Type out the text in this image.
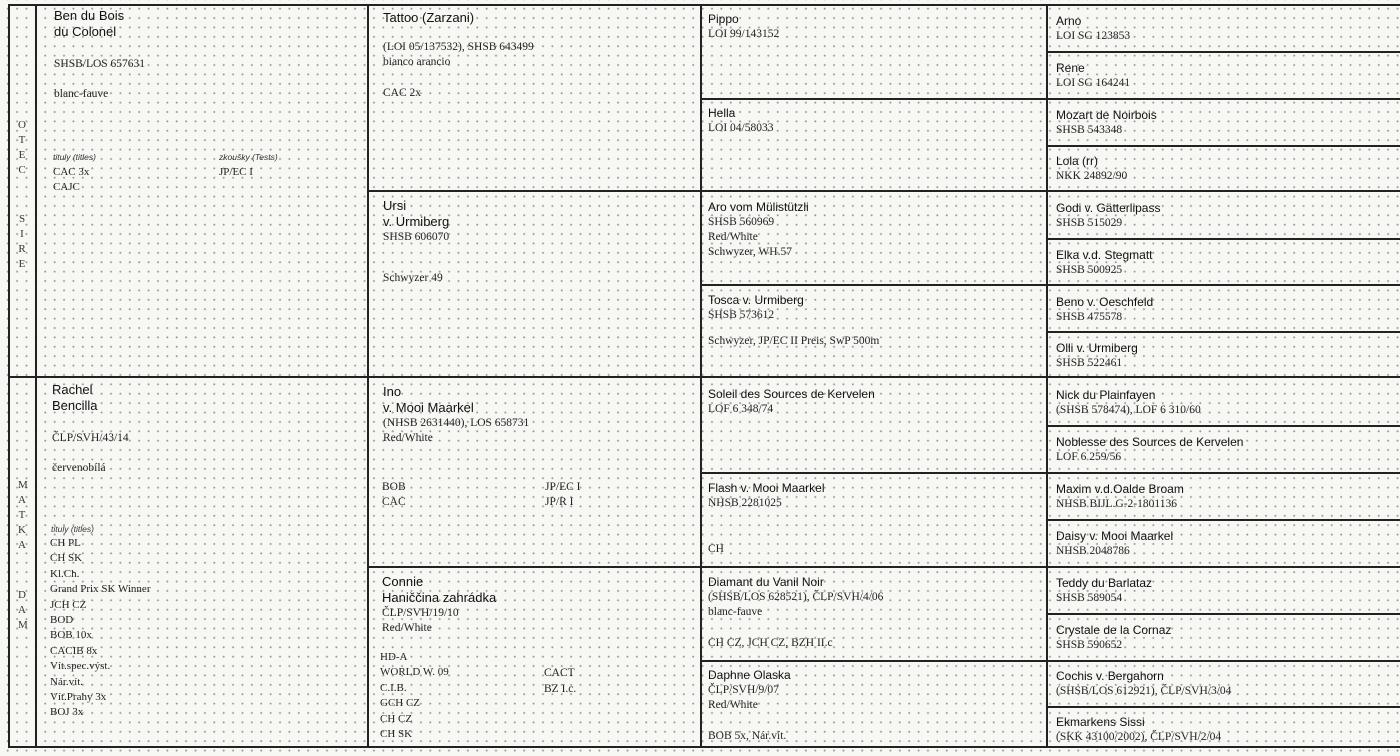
OTEC
SIRE
MATKA
DAM
Ben du Bois
du Colonel
SHSB/LOS 657631
blanc-fauve
tituly (titles)	zkoušky (Tests)
CAC 3x
CAJC
JP/EC I
Rachel
Bencilla
ČLP/SVH/43/14
červenobílá
tituly (titles)
CH PL
CH SK
Kl.Ch.
Grand Prix SK Winner
JCH CZ
BOD
BOB 10x
CACIB 8x
Vít.spec.výst.
Nár.vít.
Vít.Prahy 3x
BOJ 3x
Tattoo (Zarzani)
(LOI 05/137532), SHSB 643499
bianco arancio
CAC 2x
Ursi
v. Urmiberg
SHSB 606070
Schwyzer 49
Ino
v. Mooi Maarkel
(NHSB 2631440), LOS 658731
Red/White
BOB
CAC
JP/EC I
JP/R I
Connie
Haniččina zahrádka
ČLP/SVH/19/10
Red/White
HD-A
WORLD W. 09
C.I.B.
GCH CZ
CH CZ
CH SK
CACT
BZ I.c.
Pippo
LOI 99/143152
Hella
LOI 04/58033
Aro vom Mülistützli
SHSB 560969
Red/White
Schwyzer, WH.57
Tosca v. Urmiberg
SHSB 573612
Schwyzer, JP/EC II Preis, SwP 500m
Soleil des Sources de Kervelen
LOF 6 348/74
Flash v. Mooi Maarkel
NHSB 2281025
CH
Diamant du Vanil Noir
(SHSB/LOS 628521), ČLP/SVH/4/06
blanc-fauve
CH CZ, JCH CZ, BZH II.c
Daphne Olaska
ČLP/SVH/9/07
Red/White
BOB 5x, Nár.vít.
Arno
LOI SG 123853
Rene
LOI SG 164241
Mozart de Noirbois
SHSB 543348
Lola (rr)
NKK 24892/90
Godi v. Gätterlipass
SHSB 515029
Elka v.d. Stegmatt
SHSB 500925
Beno v. Oeschfeld
SHSB 475578
Olli v. Urmiberg
SHSB 522461
Nick du Plainfayen
(SHSB 578474), LOF 6 310/60
Noblesse des Sources de Kervelen
LOF 6 259/56
Maxim v.d.Oalde Broam
NHSB BIJL.G-2-1801136
Daisy v. Mooi Maarkel
NHSB 2048786
Teddy du Barlataz
SHSB 589054
Crystale de la Cornaz
SHSB 590652
Cochis v. Bergahorn
(SHSB/LOS 612921), ČLP/SVH/3/04
Ekmarkens Sissi
(SKK 43100/2002), ČLP/SVH/2/04
